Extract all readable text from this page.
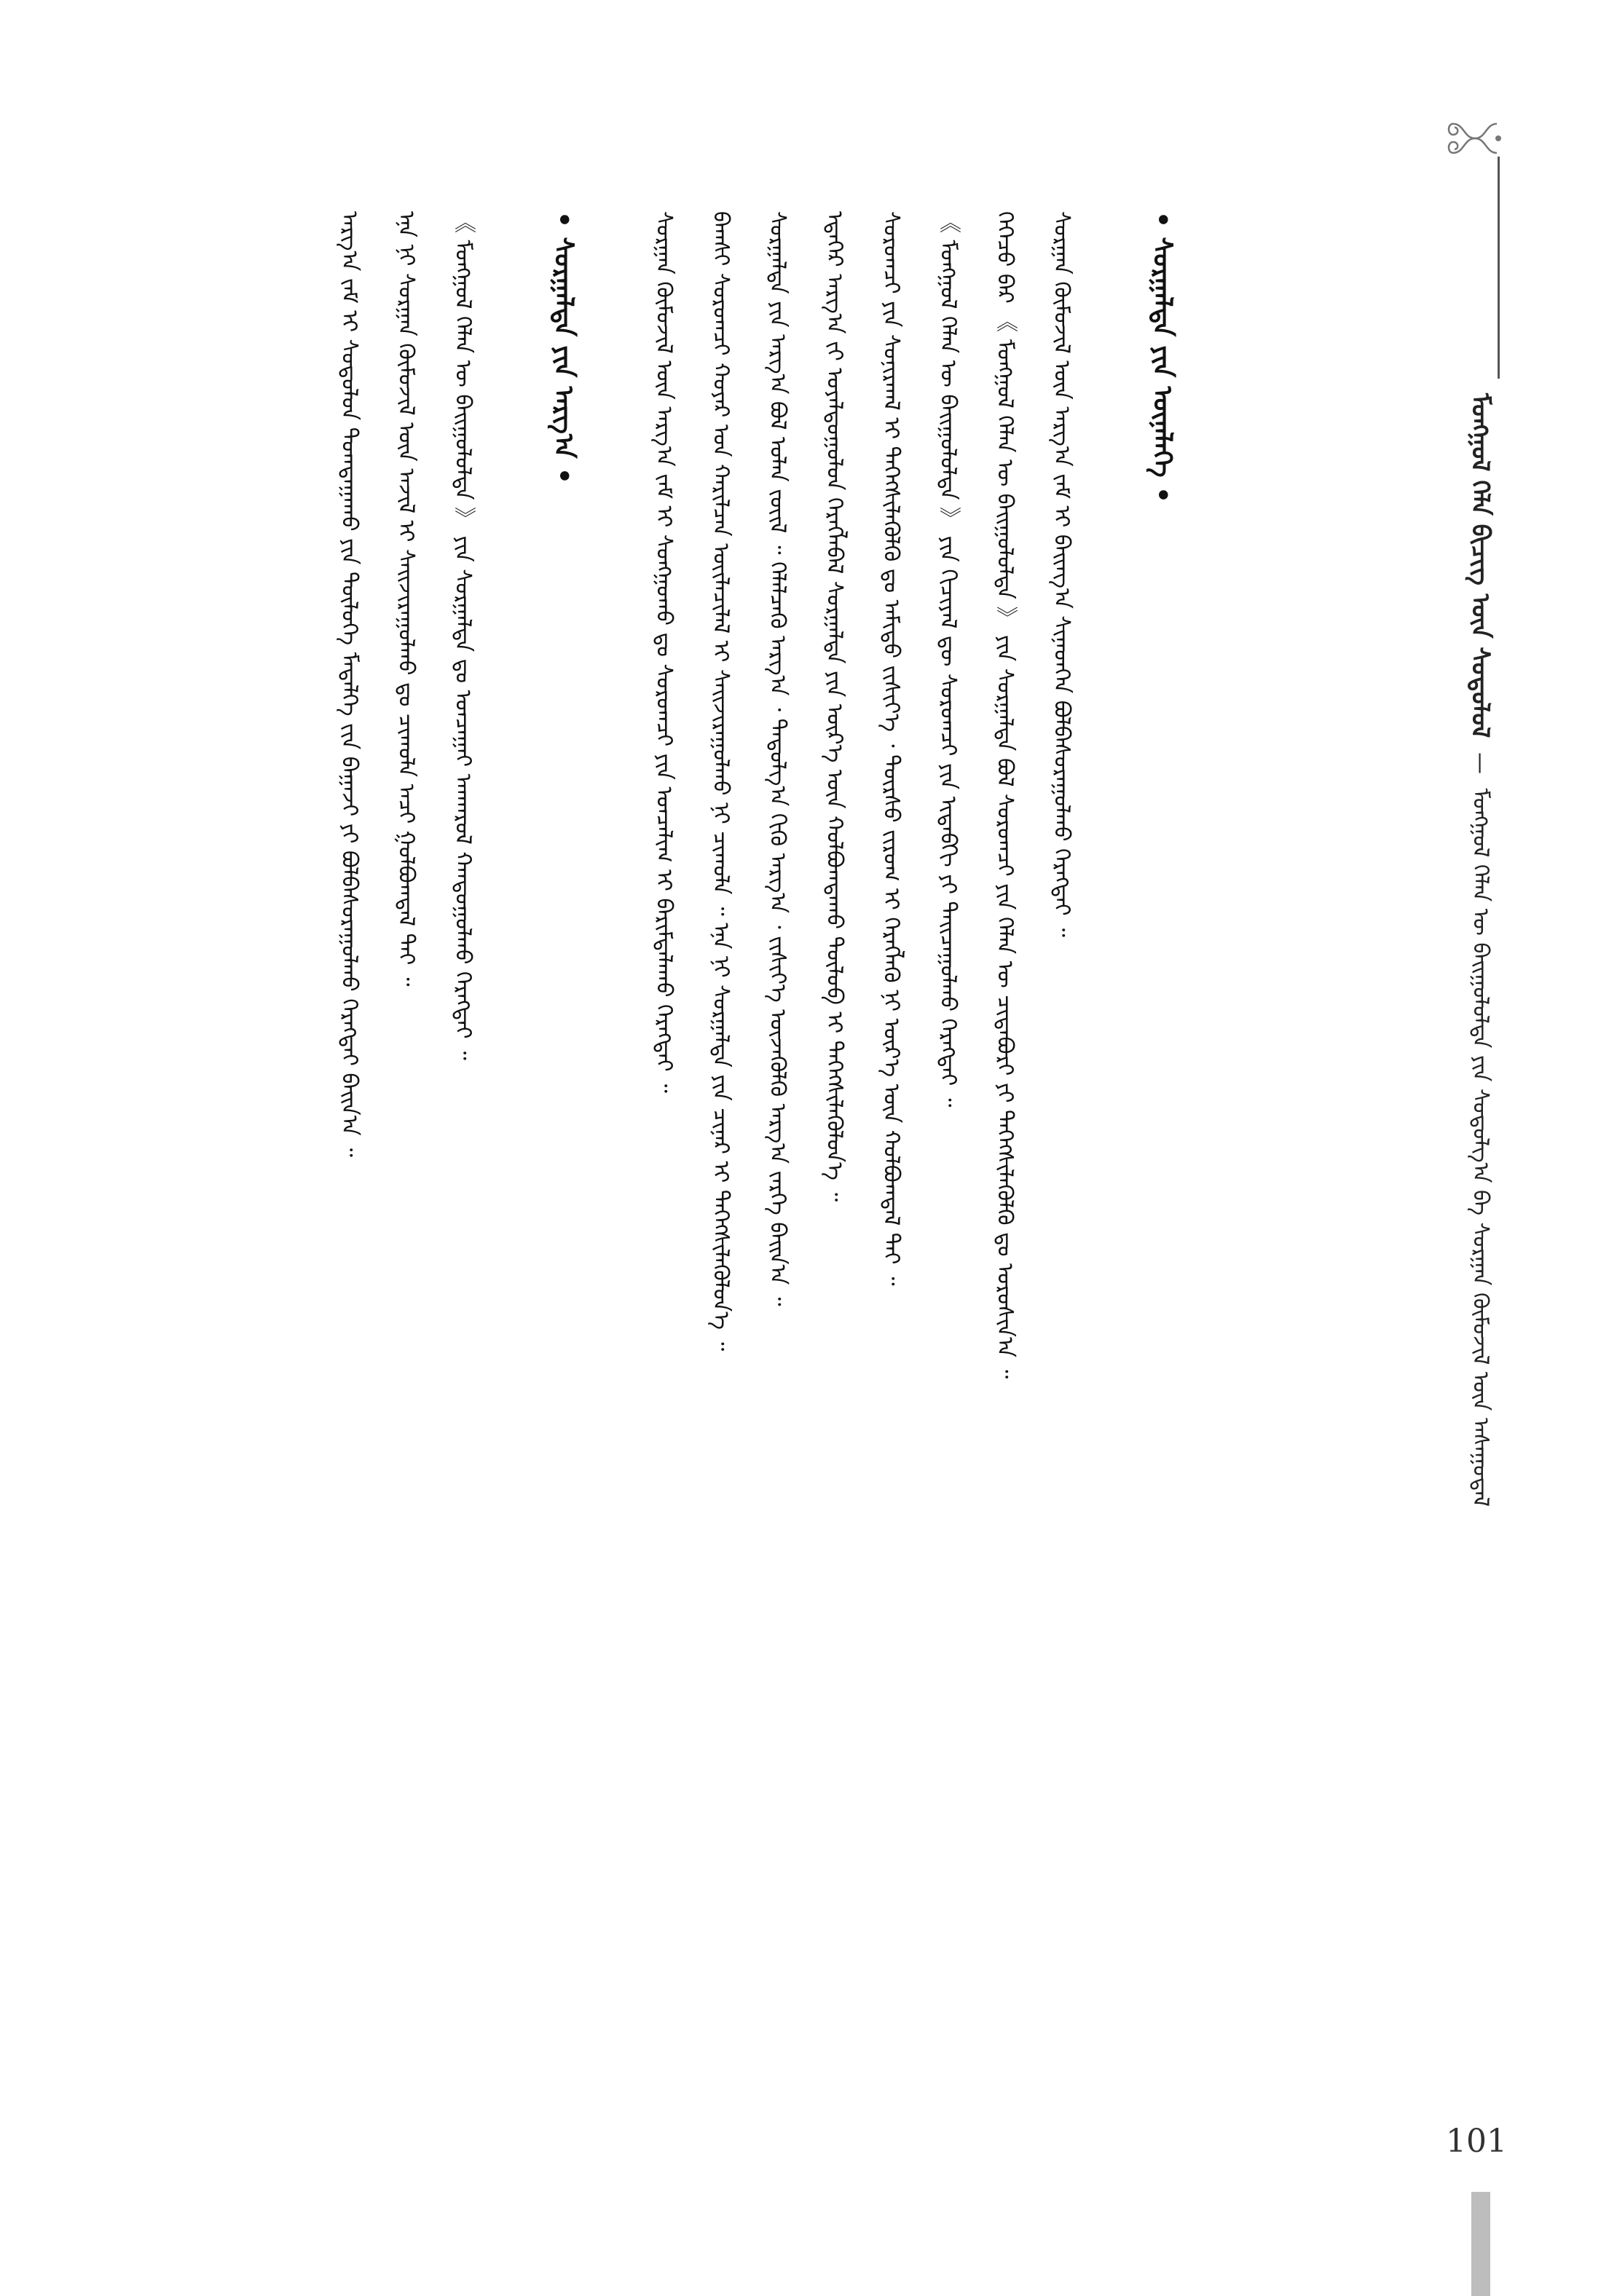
ᠮᠣᠩᠭᠣᠯ ᠬᠡᠯᠡ ᠪᠢᠴᠢᠭ᠌ ᠦᠨ ᠰᠤᠳᠤᠯᠤᠯ — ᠮᠣᠩᠭᠣᠯ ᠬᠡᠯᠡᠨ ᠦ ᠪᠠᠢᠭᠤᠯᠤᠯᠳᠠ ᠶᠢᠨ ᠰᠤᠳᠤᠯᠭ᠎ᠠ ᠪᠠ ᠰᠤᠷᠭᠠᠨ ᠬᠦᠮᠦᠵᠢᠯ ᠦᠨ ᠠᠰᠠᠭᠤᠳᠠᠯ
ᠠᠷᠭ᠎ᠠ ᠵᠠᠮ ᠢ ᠰᠤᠳᠤᠯᠤᠨ ᠲᠣᠭᠲᠠᠭᠠᠬᠤ ᠶᠢᠨ ᠲᠥᠯᠦᠭᠡ ᠮᠡᠳᠡᠯᠭᠡ ᠵᠢᠨ ᠪᠠᠭᠠᠵᠢ ᠶᠢ ᠪᠣᠯᠪᠠᠰᠤᠷᠠᠭᠤᠯᠬᠤ ᠬᠡᠷᠡᠭᠲᠡᠢ ᠪᠠᠢᠨ᠎ᠠ ᠃	ᠡᠨᠡ ᠨᠢ ᠰᠤᠷᠭᠠᠨ ᠬᠦᠮᠦᠵᠢᠯ ᠦᠨ ᠠᠵᠢᠯ ᠢ ᠰᠠᠢᠵᠢᠷᠠᠭᠤᠯᠬᠤ ᠳᠤ ᠴᠢᠬᠤᠯᠠ ᠠᠴᠢ ᠬ᠋ᠤᠯᠪᠤᠭᠳᠠᠯ ᠲᠠᠢ ᠃	《 ᠮᠣᠩᠭᠣᠯ ᠬᠡᠯᠡᠨ ᠦ ᠪᠠᠢᠭᠤᠯᠤᠯᠳᠠ 》 ᠶᠢᠨ ᠰᠤᠷᠭᠠᠯᠲᠠ ᠳᠤ ᠣᠨᠴᠠᠭᠠᠢ ᠠᠨᠬᠠᠷᠤᠯ ᠬᠠᠨᠳᠤᠭᠤᠯᠬᠤ ᠬᠡᠷᠡᠭᠲᠡᠢ ᠃	• ᠰᠤᠷᠭᠠᠯᠲᠠ ᠶᠢᠨ ᠠᠷᠭ᠎ᠠ •	ᠰᠤᠷᠭᠠᠨ ᠬᠦᠮᠦᠵᠢᠯ ᠦᠨ ᠠᠷᠭ᠎ᠠ ᠵᠠᠮ ᠢ ᠰᠣᠩᠭᠣᠬᠤ ᠳᠤ ᠰᠤᠷᠤᠭᠴᠢ ᠶᠢᠨ ᠣᠨᠴᠠᠯᠢᠭ ᠢ ᠪᠠᠷᠢᠮᠲᠠᠯᠠᠬᠤ ᠬᠡᠷᠡᠭᠲᠡᠢ ᠃	ᠪᠠᠭᠰᠢ ᠰᠤᠷᠤᠭᠴᠢ ᠬᠣᠶᠠᠷ ᠤᠨ ᠬᠠᠷᠢᠯᠴᠠᠨ ᠦᠢᠯᠡᠴᠢᠯᠡᠯ ᠢ ᠰᠠᠢᠵᠢᠷᠠᠭᠤᠯᠬᠤ ᠨᠢ ᠴᠢᠬᠤᠯᠠ ᠃ ᠡᠨᠡ ᠨᠢ ᠰᠤᠷᠭᠠᠯᠲᠠ ᠶᠢᠨ ᠴᠢᠨᠠᠷ ᠢ ᠳᠡᠭᠡᠭᠰᠢᠯᠡᠭᠦᠯᠦᠨ᠎ᠡ ᠃	ᠰᠤᠷᠭᠠᠯᠲᠠ ᠶᠢᠨ ᠠᠷᠭ᠎ᠠ ᠪᠣᠯ ᠣᠯᠠᠨ ᠵᠦᠢᠯ ᠃ ᠬᠡᠯᠡᠯᠴᠡᠬᠦ ᠠᠷᠭ᠎ᠠ ᠂ ᠳᠠᠳᠤᠯᠭ᠎ᠠ ᠬᠢᠬᠦ ᠠᠷᠭ᠎ᠠ ᠂ ᠵᠢᠱᠢᠶ᠎ᠡ ᠦᠵᠡᠭᠦᠯᠬᠦ ᠠᠷᠭ᠎ᠠ ᠵᠡᠷᠭᠡ ᠪᠠᠢᠨ᠎ᠠ ᠃	ᠡᠳᠡᠭᠡᠷ ᠠᠷᠭ᠎ᠠ ᠵᠢ ᠤᠶᠠᠯᠳᠤᠭᠤᠯᠤᠨ ᠬᠡᠷᠡᠭᠯᠡᠪᠡᠯ ᠰᠤᠷᠭᠠᠯᠲᠠ ᠶᠢᠨ ᠦᠷ᠎ᠡ ᠦᠨ ᠬᠣᠯᠪᠣᠭᠳᠠᠬᠤ ᠲᠥᠯᠦᠪ ᠢ ᠳᠡᠭᠡᠭᠰᠢᠯᠡᠭᠦᠯᠦᠨ᠎ᠡ ᠃	ᠰᠤᠷᠤᠭᠴᠢ ᠶᠢᠨ ᠰᠣᠨᠢᠷᠬᠠᠯ ᠢ ᠳᠡᠭᠡᠭᠰᠢᠯᠡᠭᠦᠯᠬᠦ ᠳᠤ ᠠᠮᠢᠳᠤ ᠵᠢᠱᠢᠶ᠎ᠡ ᠂ ᠳᠦᠷᠰᠦ ᠵᠢᠷᠤᠭ ᠢ ᠬᠡᠷᠡᠭᠯᠡᠬᠦ ᠨᠢ ᠦᠷ᠎ᠡ ᠦᠨ ᠬᠣᠯᠪᠣᠭᠳᠠᠯ ᠲᠠᠢ ᠃	《 ᠮᠣᠩᠭᠣᠯ ᠬᠡᠯᠡᠨ ᠦ ᠪᠠᠢᠭᠤᠯᠤᠯᠳᠠ 》 ᠶᠢᠨ ᠬᠢᠴᠢᠶᠡᠯ ᠳᠦ ᠰᠤᠷᠤᠭᠴᠢ ᠶᠢᠨ ᠢᠳᠡᠪᠬᠢ ᠶᠢ ᠳᠠᠢᠴᠠᠭᠤᠯᠬᠤ ᠬᠡᠷᠡᠭᠲᠡᠢ ᠃	ᠭᠡᠭᠡᠴᠦ ᠪᠡᠷ 《 ᠮᠣᠩᠭᠣᠯ ᠬᠡᠯᠡᠨ ᠦ ᠪᠠᠢᠭᠤᠯᠤᠯᠳᠠ 》 ᠶᠢᠨ ᠰᠤᠷᠭᠠᠯᠲᠠ ᠪᠣᠯ ᠰᠤᠷᠤᠭᠴᠢ ᠶᠢᠨ ᠬᠡᠯᠡᠨ ᠦ ᠴᠢᠳᠠᠪᠤᠷᠢ ᠶᠢ ᠳᠡᠭᠡᠭᠰᠢᠯᠡᠭᠦᠯᠬᠦ ᠳᠤ ᠣᠷᠣᠰᠢᠨ᠎ᠠ ᠃	ᠰᠤᠷᠭᠠᠨ ᠬᠦᠮᠦᠵᠢᠯ ᠦᠨ ᠠᠷᠭ᠎ᠠ ᠵᠠᠮ ᠢ ᠪᠠᠢᠨᠭ᠎ᠠ ᠰᠢᠨᠡᠳᠬᠡᠨ ᠪᠣᠯᠪᠠᠰᠤᠷᠠᠭᠤᠯᠬᠤ ᠬᠡᠷᠡᠭᠲᠡᠢ ᠃	• ᠰᠤᠷᠭᠠᠯᠲᠠ ᠶᠢᠨ ᠦᠨᠡᠯᠡᠭᠡ •
101
